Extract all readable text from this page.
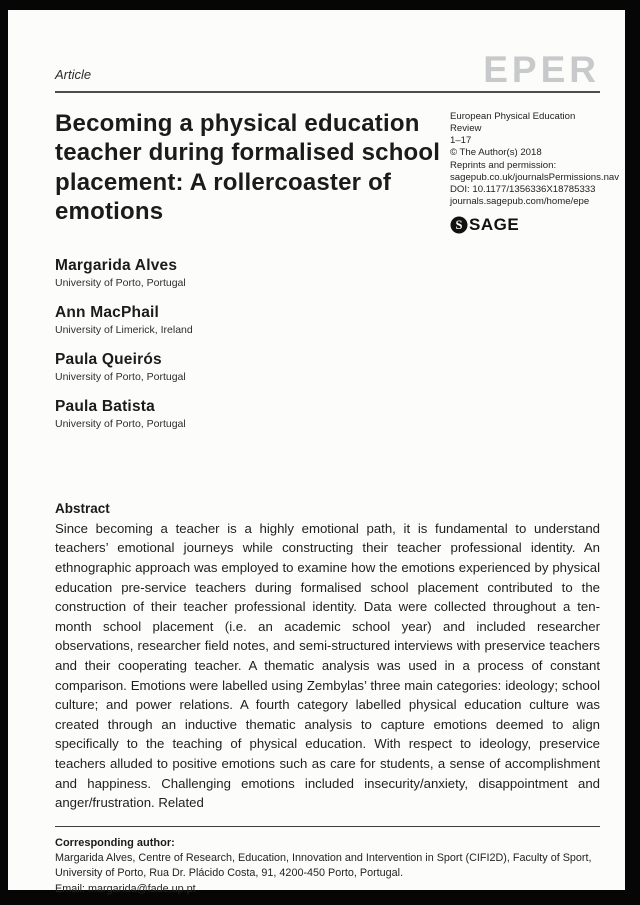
Article	EPER
Becoming a physical education teacher during formalised school placement: A rollercoaster of emotions
Margarida Alves
University of Porto, Portugal
Ann MacPhail
University of Limerick, Ireland
Paula Queirós
University of Porto, Portugal
Paula Batista
University of Porto, Portugal
European Physical Education Review
1–17
© The Author(s) 2018
Reprints and permission:
sagepub.co.uk/journalsPermissions.nav
DOI: 10.1177/1356336X18785333
journals.sagepub.com/home/epe
S SAGE
Abstract
Since becoming a teacher is a highly emotional path, it is fundamental to understand teachers’ emotional journeys while constructing their teacher professional identity. An ethnographic approach was employed to examine how the emotions experienced by physical education pre-service teachers during formalised school placement contributed to the construction of their teacher professional identity. Data were collected throughout a ten-month school placement (i.e. an academic school year) and included researcher observations, researcher field notes, and semi-structured interviews with preservice teachers and their cooperating teacher. A thematic analysis was used in a process of constant comparison. Emotions were labelled using Zembylas’ three main categories: ideology; school culture; and power relations. A fourth category labelled physical education culture was created through an inductive thematic analysis to capture emotions deemed to align specifically to the teaching of physical education. With respect to ideology, preservice teachers alluded to positive emotions such as care for students, a sense of accomplishment and happiness. Challenging emotions included insecurity/anxiety, disappointment and anger/frustration. Related
Corresponding author:
Margarida Alves, Centre of Research, Education, Innovation and Intervention in Sport (CIFI2D), Faculty of Sport, University of Porto, Rua Dr. Plácido Costa, 91, 4200-450 Porto, Portugal.
Email: margarida@fade.up.pt
